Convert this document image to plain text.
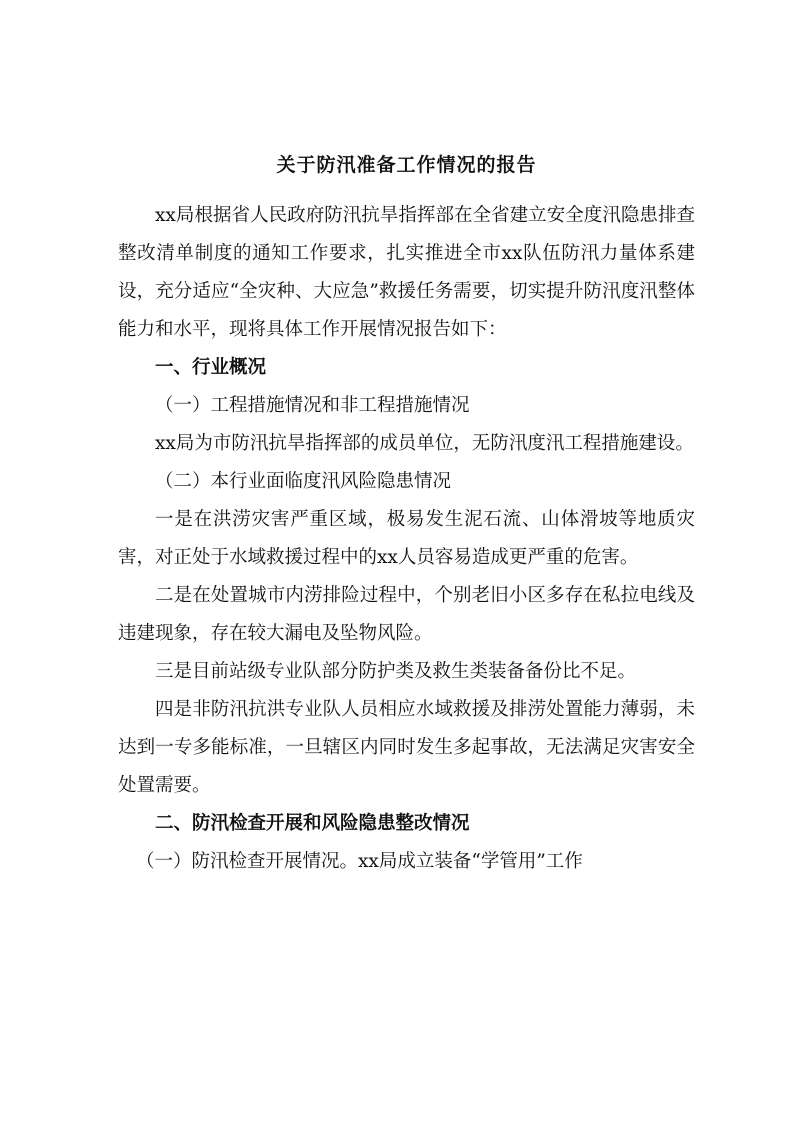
关于防汛准备工作情况的报告

xx局根据省人民政府防汛抗旱指挥部在全省建立安全度汛隐患排查整改清单制度的通知工作要求，扎实推进全市xx队伍防汛力量体系建设，充分适应“全灾种、大应急”救援任务需要，切实提升防汛度汛整体能力和水平，现将具体工作开展情况报告如下：

一、行业概况

（一）工程措施情况和非工程措施情况

xx局为市防汛抗旱指挥部的成员单位，无防汛度汛工程措施建设。

（二）本行业面临度汛风险隐患情况

一是在洪涝灾害严重区域，极易发生泥石流、山体滑坡等地质灾害，对正处于水域救援过程中的xx人员容易造成更严重的危害。

二是在处置城市内涝排险过程中，个别老旧小区多存在私拉电线及违建现象，存在较大漏电及坠物风险。

三是目前站级专业队部分防护类及救生类装备备份比不足。

四是非防汛抗洪专业队人员相应水域救援及排涝处置能力薄弱，未达到一专多能标准，一旦辖区内同时发生多起事故，无法满足灾害安全处置需要。

二、防汛检查开展和风险隐患整改情况

（一）防汛检查开展情况。xx局成立装备“学管用”工作
